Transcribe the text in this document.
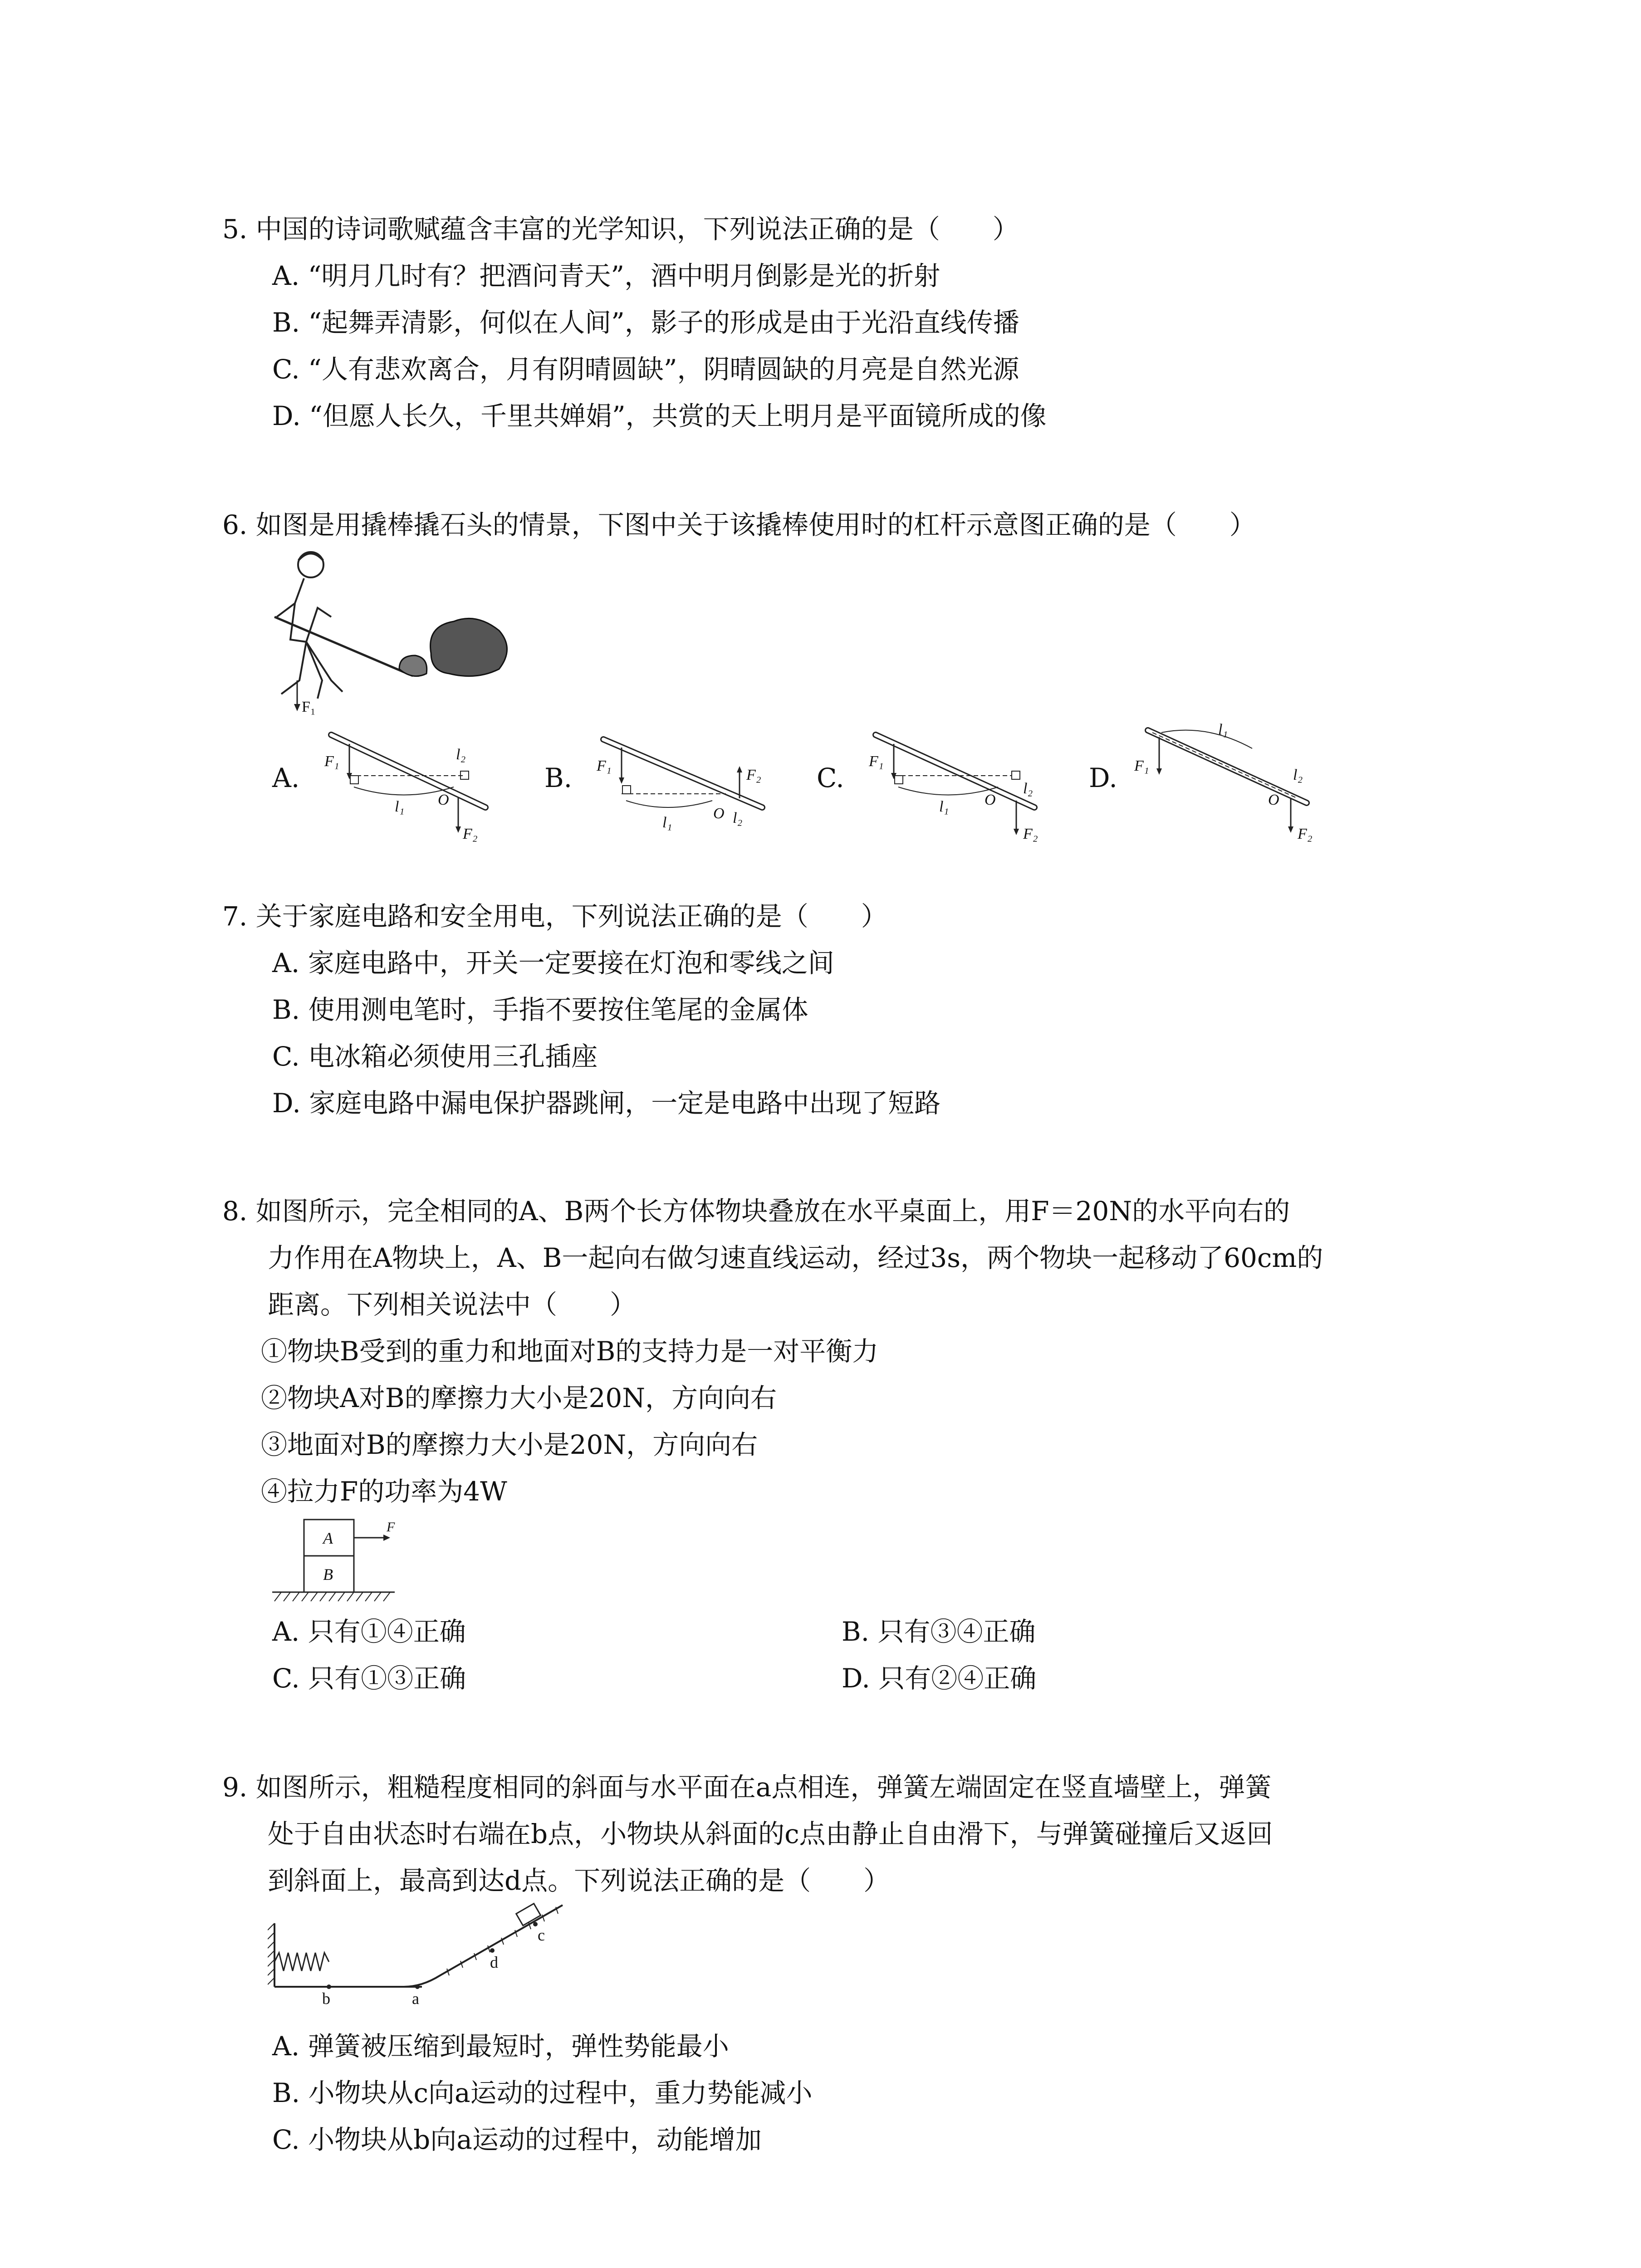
5. 中国的诗词歌赋蕴含丰富的光学知识，下列说法正确的是（　　）
A. “明月几时有？把酒问青天”，酒中明月倒影是光的折射
B. “起舞弄清影，何似在人间”，影子的形成是由于光沿直线传播
C. “人有悲欢离合，月有阴晴圆缺”，阴晴圆缺的月亮是自然光源
D. “但愿人长久，千里共婵娟”，共赏的天上明月是平面镜所成的像
6. 如图是用撬棒撬石头的情景，下图中关于该撬棒使用时的杠杆示意图正确的是（　　）
F₁
A.	B.	C.	D.
F₁
l₁ O
l₂
F₂
F₁
l₁
O l₂
F₂
F₁
l₁ O
l₂
F₂
F₁
l₁
O
l₂
F₂
7. 关于家庭电路和安全用电，下列说法正确的是（　　）
A. 家庭电路中，开关一定要接在灯泡和零线之间
B. 使用测电笔时，手指不要按住笔尾的金属体
C. 电冰箱必须使用三孔插座
D. 家庭电路中漏电保护器跳闸，一定是电路中出现了短路
8. 如图所示，完全相同的A、B两个长方体物块叠放在水平桌面上，用F＝20N的水平向右的
力作用在A物块上，A、B一起向右做匀速直线运动，经过3s，两个物块一起移动了60cm的
距离。下列相关说法中（　　）
①物块B受到的重力和地面对B的支持力是一对平衡力
②物块A对B的摩擦力大小是20N，方向向右
③地面对B的摩擦力大小是20N，方向向右
④拉力F的功率为4W
A
B
F
A. 只有①④正确	B. 只有③④正确
C. 只有①③正确	D. 只有②④正确
9. 如图所示，粗糙程度相同的斜面与水平面在a点相连，弹簧左端固定在竖直墙壁上，弹簧
处于自由状态时右端在b点，小物块从斜面的c点由静止自由滑下，与弹簧碰撞后又返回
到斜面上，最高到达d点。下列说法正确的是（　　）
b	a
d
c
A. 弹簧被压缩到最短时，弹性势能最小
B. 小物块从c向a运动的过程中，重力势能减小
C. 小物块从b向a运动的过程中，动能增加
